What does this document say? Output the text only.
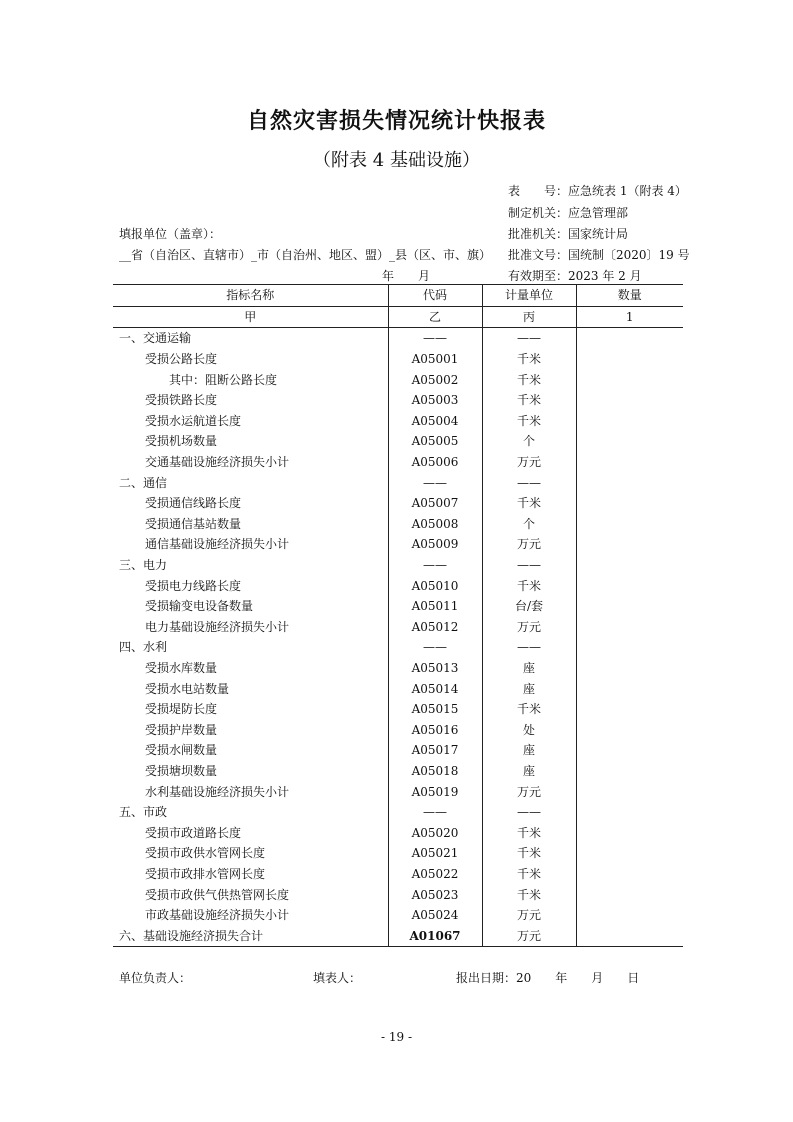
自然灾害损失情况统计快报表
（附表 4 基础设施）
表　　号：应急统表 1（附表 4）
制定机关：应急管理部
批准机关：国家统计局
填报单位（盖章）：
__省（自治区、直辖市）_市（自治州、地区、盟）_县（区、市、旗） 批准文号：国统制〔2020〕19 号
年　　月	有效期至：2023 年 2 月
指标名称	代码	计量单位	数量
甲	乙	丙	1
一、交通运输	——	——	
受损公路长度	A05001	千米	
其中：阻断公路长度	A05002	千米	
受损铁路长度	A05003	千米	
受损水运航道长度	A05004	千米	
受损机场数量	A05005	个	
交通基础设施经济损失小计	A05006	万元	
二、通信	——	——	
受损通信线路长度	A05007	千米	
受损通信基站数量	A05008	个	
通信基础设施经济损失小计	A05009	万元	
三、电力	——	——	
受损电力线路长度	A05010	千米	
受损输变电设备数量	A05011	台/套	
电力基础设施经济损失小计	A05012	万元	
四、水利	——	——	
受损水库数量	A05013	座	
受损水电站数量	A05014	座	
受损堤防长度	A05015	千米	
受损护岸数量	A05016	处	
受损水闸数量	A05017	座	
受损塘坝数量	A05018	座	
水利基础设施经济损失小计	A05019	万元	
五、市政	——	——	
受损市政道路长度	A05020	千米	
受损市政供水管网长度	A05021	千米	
受损市政排水管网长度	A05022	千米	
受损市政供气供热管网长度	A05023	千米	
市政基础设施经济损失小计	A05024	万元	
六、基础设施经济损失合计	A01067	万元	
单位负责人：	填表人：	报出日期：20　　年　　月　　日
- 19 -
